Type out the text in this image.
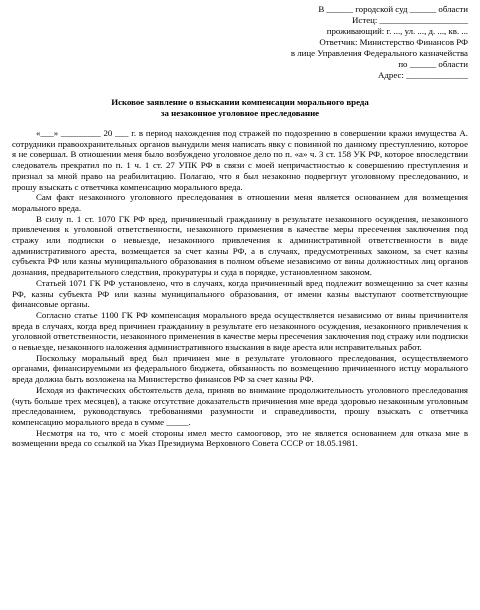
В ______ городской суд ______ области
Истец: ____________________
проживающий: г. ..., ул. ..., д. ..., кв. ...
Ответчик: Министерство Финансов РФ
в лице Управления Федерального казначейства
по ______ области
Адрес: ______________
Исковое заявление о взыскании компенсации морального вреда
за незаконное уголовное преследование

«___» _________ 20 ___ г. в период нахождения под стражей по подозрению в совершении кражи имущества А. сотрудники правоохранительных органов вынудили меня написать явку с повинной по данному преступлению, которое я не совершал. В отношении меня было возбуждено уголовное дело по п. «а» ч. 3 ст. 158 УК РФ, которое впоследствии следователь прекратил по п. 1 ч. 1 ст. 27 УПК РФ в связи с моей непричастностью к совершению преступления и признал за мной право на реабилитацию. Полагаю, что я был незаконно подвергнут уголовному преследованию, и прошу взыскать с ответчика компенсацию морального вреда.

Сам факт незаконного уголовного преследования в отношении меня является основанием для возмещения морального вреда.

В силу п. 1 ст. 1070 ГК РФ вред, причиненный гражданину в результате незаконного осуждения, незаконного привлечения к уголовной ответственности, незаконного применения в качестве меры пресечения заключения под стражу или подписки о невыезде, незаконного привлечения к административной ответственности в виде административного ареста, возмещается за счет казны РФ, а в случаях, предусмотренных законом, за счет казны субъекта РФ или казны муниципального образования в полном объеме независимо от вины должностных лиц органов дознания, предварительного следствия, прокуратуры и суда в порядке, установленном законом.

Статьей 1071 ГК РФ установлено, что в случаях, когда причиненный вред подлежит возмещению за счет казны РФ, казны субъекта РФ или казны муниципального образования, от имени казны выступают соответствующие финансовые органы.

Согласно статье 1100 ГК РФ компенсация морального вреда осуществляется независимо от вины причинителя вреда в случаях, когда вред причинен гражданину в результате его незаконного осуждения, незаконного привлечения к уголовной ответственности, незаконного применения в качестве меры пресечения заключения под стражу или подписки о невыезде, незаконного наложения административного взыскания в виде ареста или исправительных работ.

Поскольку моральный вред был причинен мне в результате уголовного преследования, осуществляемого органами, финансируемыми из федерального бюджета, обязанность по возмещению причиненного истцу морального вреда должна быть возложена на Министерство финансов РФ за счет казны РФ.

Исходя из фактических обстоятельств дела, приняв во внимание продолжительность уголовного преследования (чуть больше трех месяцев), а также отсутствие доказательств причинения мне вреда здоровью незаконным уголовным преследованием, руководствуясь требованиями разумности и справедливости, прошу взыскать с ответчика компенсацию морального вреда в сумме _____.

Несмотря на то, что с моей стороны имел место самооговор, это не является основанием для отказа мне в возмещении вреда со ссылкой на Указ Президиума Верховного Совета СССР от 18.05.1981.
